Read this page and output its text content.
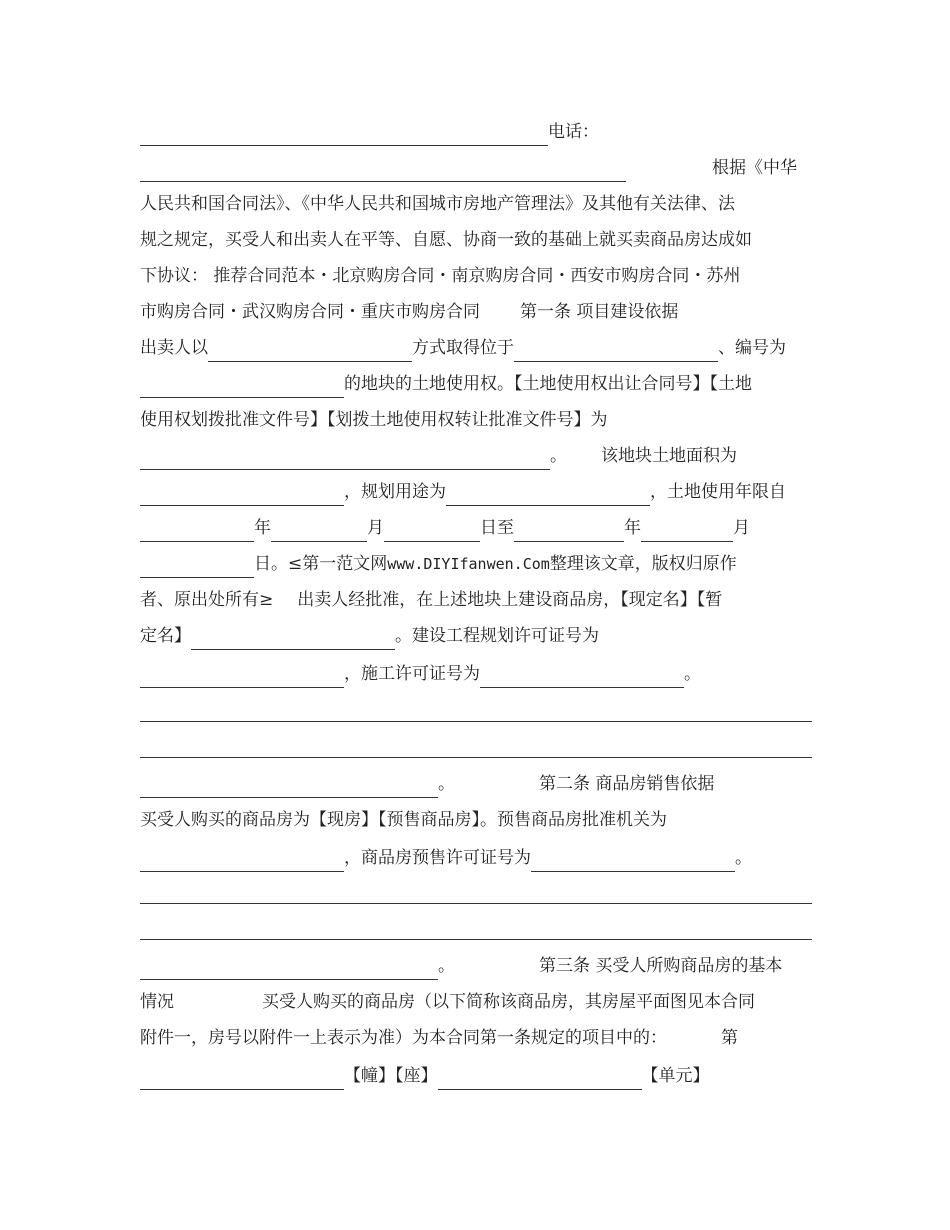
电话：
根据《中华
人民共和国合同法》、《中华人民共和国城市房地产管理法》及其他有关法律、法
规之规定，买受人和出卖人在平等、自愿、协商一致的基础上就买卖商品房达成如
下协议： 推荐合同范本・北京购房合同・南京购房合同・西安市购房合同・苏州
市购房合同・武汉购房合同・重庆市购房合同 第一条 项目建设依据
出卖人以	方式取得位于	、编号为
的地块的土地使用权。【土地使用权出让合同号】【土地
使用权划拨批准文件号】【划拨土地使用权转让批准文件号】为
。 该地块土地面积为
，规划用途为	，土地使用年限自
年	月	日至	年	月
日。≤第一范文网www.DIYIfanwen.Com整理该文章，版权归原作
者、原出处所有≥ 出卖人经批准，在上述地块上建设商品房，【现定名】【暂
定名】	。建设工程规划许可证号为
，施工许可证号为	。
。	第二条 商品房销售依据
买受人购买的商品房为【现房】【预售商品房】。预售商品房批准机关为
，商品房预售许可证号为	。
。	第三条 买受人所购商品房的基本
情况	买受人购买的商品房（以下简称该商品房，其房屋平面图见本合同
附件一，房号以附件一上表示为准）为本合同第一条规定的项目中的：	第
【幢】【座】	【单元】
